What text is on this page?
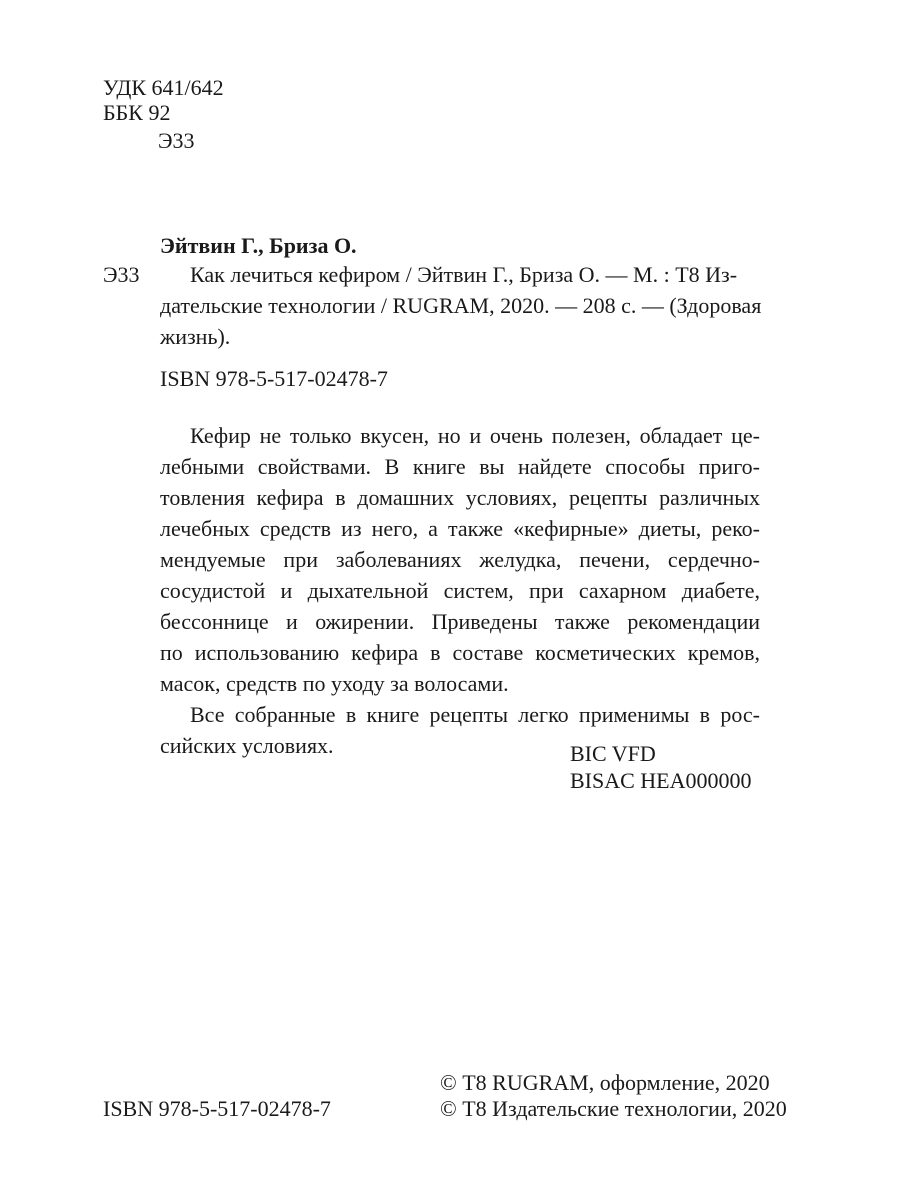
УДК 641/642
ББК 92
Э33
Эйтвин Г., Бриза О.
Э33	Как лечиться кефиром / Эйтвин Г., Бриза О. — М. : Т8 Из-
дательские технологии / RUGRAM, 2020. — 208 с. — (Здоровая
жизнь).
ISBN 978-5-517-02478-7
Кефир не только вкусен, но и очень полезен, обладает це-
лебными свойствами. В книге вы найдете способы приго-
товления кефира в домашних условиях, рецепты различных
лечебных средств из него, а также «кефирные» диеты, реко-
мендуемые при заболеваниях желудка, печени, сердечно-
сосудистой и дыхательной систем, при сахарном диабете,
бессоннице и ожирении. Приведены также рекомендации
по использованию кефира в составе косметических кремов,
масок, средств по уходу за волосами.
Все собранные в книге рецепты легко применимы в рос-
сийских условиях.	BIC VFD
BISAC HEA000000
© Т8 RUGRAM, оформление, 2020
© Т8 Издательские технологии, 2020
ISBN 978-5-517-02478-7
